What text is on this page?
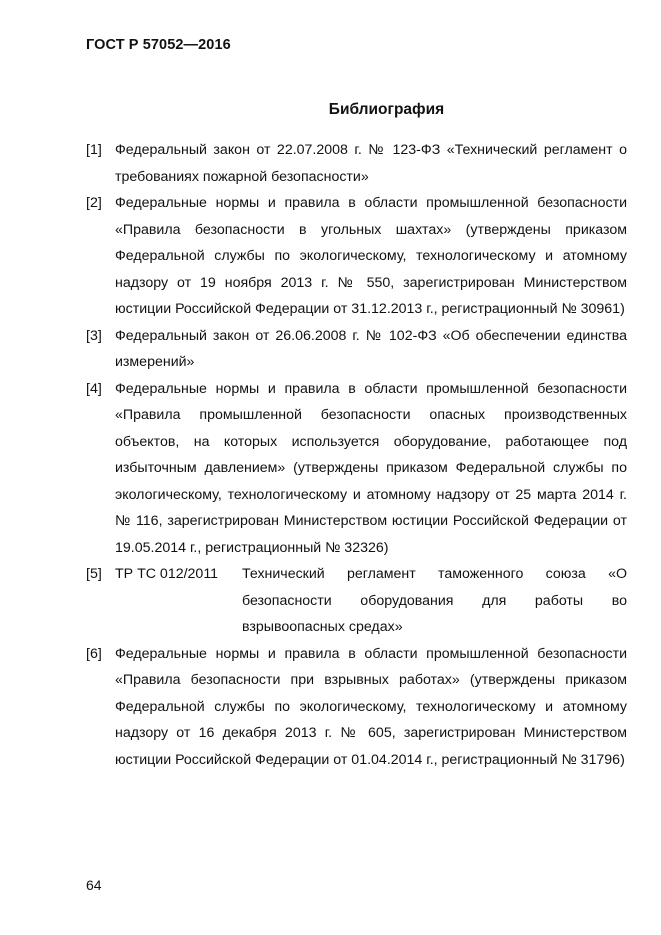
ГОСТ Р 57052—2016
Библиография
[1] Федеральный закон от 22.07.2008 г. № 123-ФЗ «Технический регламент о требованиях пожарной безопасности»
[2] Федеральные нормы и правила в области промышленной безопасности «Правила безопасности в угольных шахтах» (утверждены приказом Федеральной службы по экологическому, технологическому и атомному надзору от 19 ноября 2013 г. № 550, зарегистрирован Министерством юстиции Российской Федерации от 31.12.2013 г., регистрационный № 30961)
[3] Федеральный закон от 26.06.2008 г. № 102-ФЗ «Об обеспечении единства измерений»
[4] Федеральные нормы и правила в области промышленной безопасности «Правила промышленной безопасности опасных производственных объектов, на которых используется оборудование, работающее под избыточным давлением» (утверждены приказом Федеральной службы по экологическому, технологическому и атомному надзору от 25 марта 2014 г. № 116, зарегистрирован Министерством юстиции Российской Федерации от 19.05.2014 г., регистрационный № 32326)
[5] ТР ТС 012/2011	Технический регламент таможенного союза «О безопасности оборудования для работы во взрывоопасных средах»
[6] Федеральные нормы и правила в области промышленной безопасности «Правила безопасности при взрывных работах» (утверждены приказом Федеральной службы по экологическому, технологическому и атомному надзору от 16 декабря 2013 г. № 605, зарегистрирован Министерством юстиции Российской Федерации от 01.04.2014 г., регистрационный № 31796)
64
